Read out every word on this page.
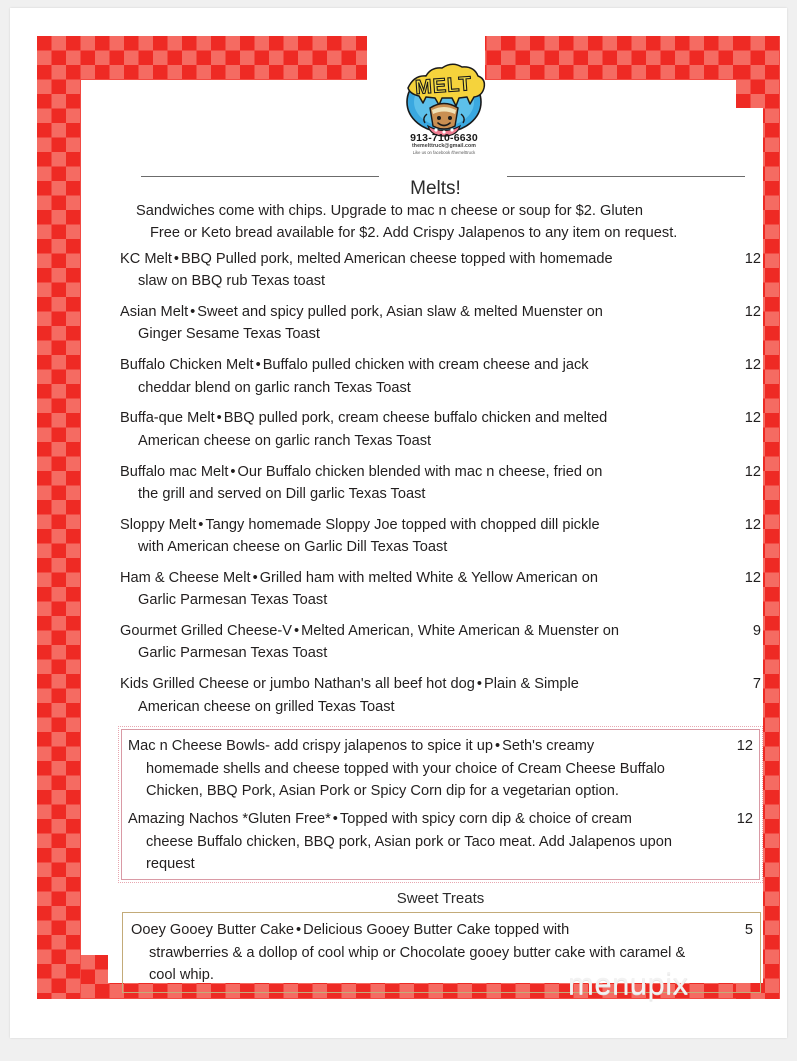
MELT
913-710-6630
themelttruck@gmail.com
Like us on facebook /themelttruck
Melts!
Sandwiches come with chips. Upgrade to mac n cheese or soup for $2. Gluten
Free or Keto bread available for $2. Add Crispy Jalapenos to any item on request.
KC Melt • BBQ Pulled pork, melted American cheese topped with homemade
slaw on BBQ rub Texas toast
12
Asian Melt • Sweet and spicy pulled pork, Asian slaw & melted Muenster on
Ginger Sesame Texas Toast
12
Buffalo Chicken Melt • Buffalo pulled chicken with cream cheese and jack
cheddar blend on garlic ranch Texas Toast
12
Buffa-que Melt • BBQ pulled pork, cream cheese buffalo chicken and melted
American cheese on garlic ranch Texas Toast
12
Buffalo mac Melt • Our Buffalo chicken blended with mac n cheese, fried on
the grill and served on Dill garlic Texas Toast
12
Sloppy Melt • Tangy homemade Sloppy Joe topped with chopped dill pickle
with American cheese on Garlic Dill Texas Toast
12
Ham & Cheese Melt • Grilled ham with melted White & Yellow American on
Garlic Parmesan Texas Toast
12
Gourmet Grilled Cheese-V • Melted American, White American & Muenster on
Garlic Parmesan Texas Toast
9
Kids Grilled Cheese or jumbo Nathan's all beef hot dog • Plain & Simple
American cheese on grilled Texas Toast
7
Mac n Cheese Bowls- add crispy jalapenos to spice it up • Seth's creamy
homemade shells and cheese topped with your choice of Cream Cheese Buffalo Chicken, BBQ Pork, Asian Pork or Spicy Corn dip for a vegetarian option.
12
Amazing Nachos *Gluten Free* • Topped with spicy corn dip & choice of cream
cheese Buffalo chicken, BBQ pork, Asian pork or Taco meat. Add Jalapenos upon request
12
Sweet Treats
Ooey Gooey Butter Cake • Delicious Gooey Butter Cake topped with
strawberries & a dollop of cool whip or Chocolate gooey butter cake with caramel & cool whip.
5
menupix
